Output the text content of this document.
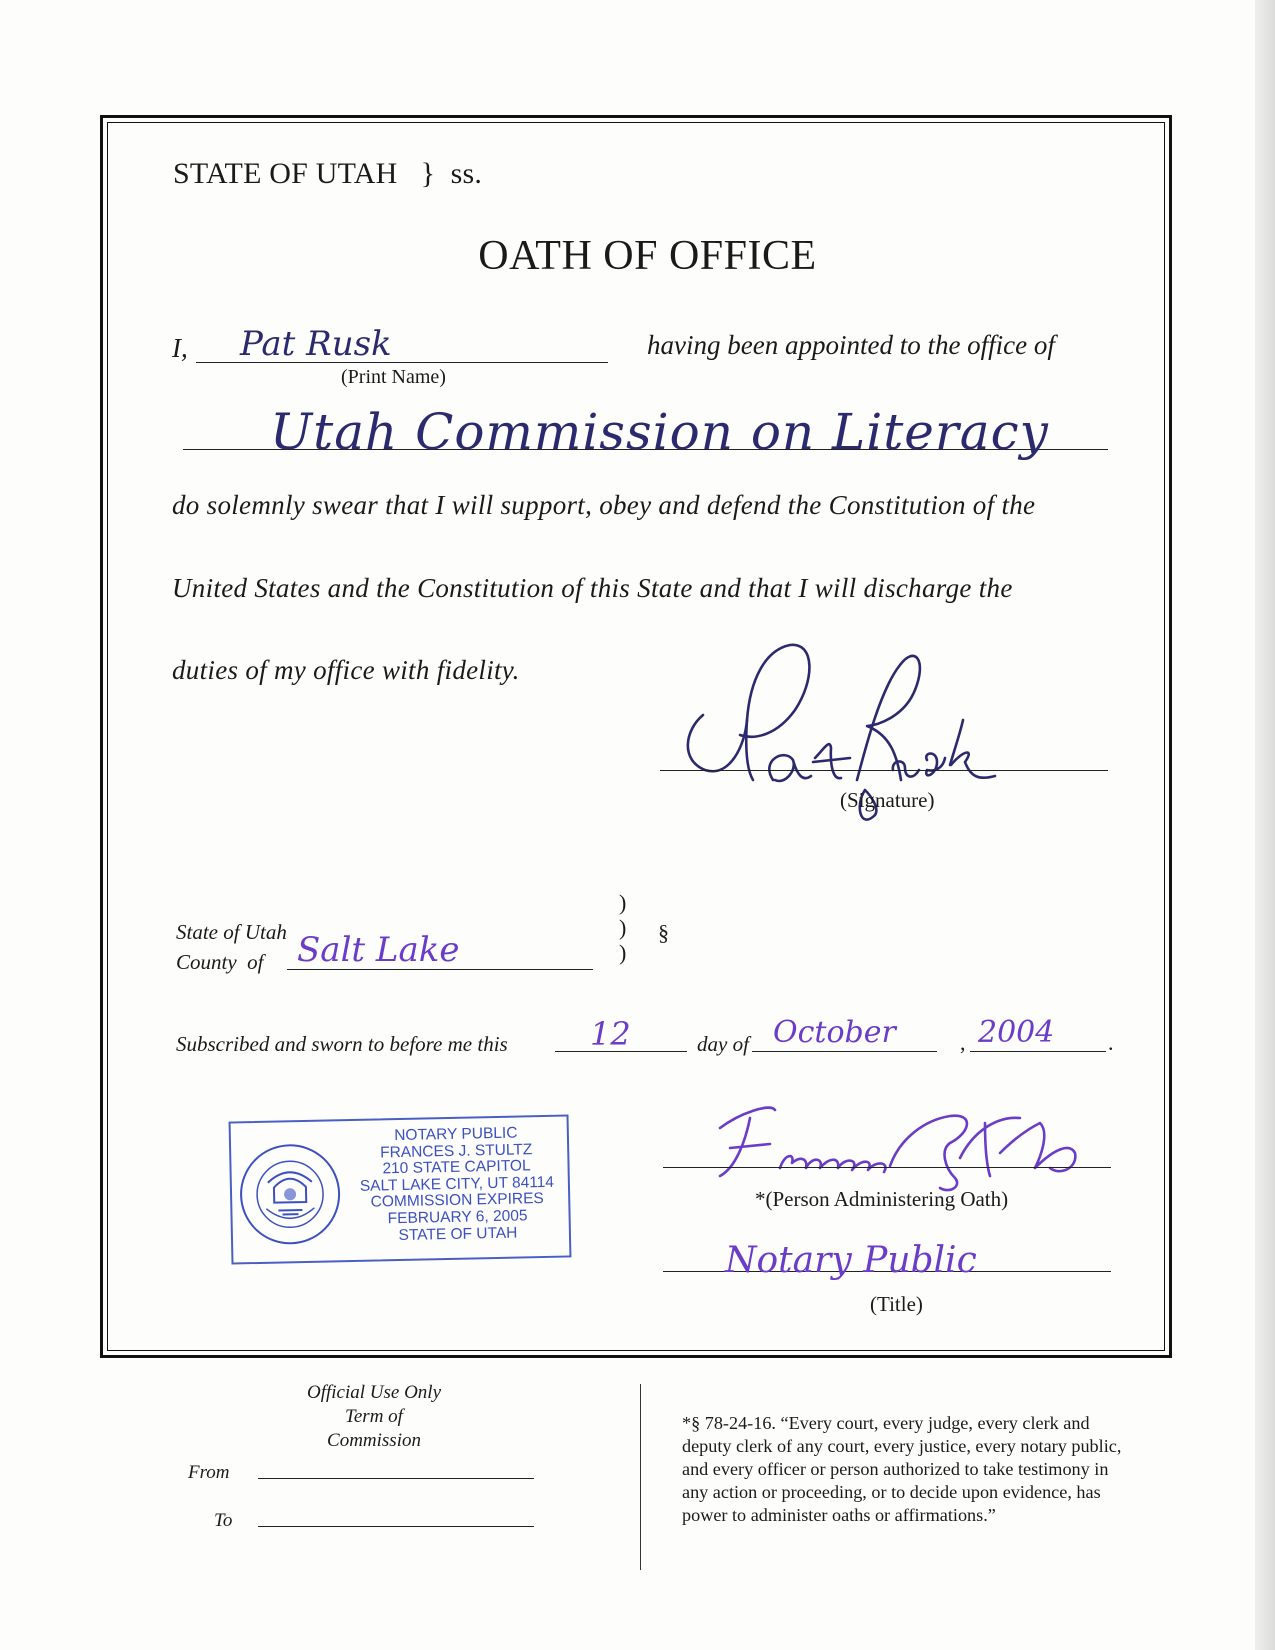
STATE OF UTAH } ss.
OATH OF OFFICE
I, Pat Rusk
(Print Name)
having been appointed to the office of
Utah Commission on Literacy
do solemnly swear that I will support, obey and defend the Constitution of the
United States and the Constitution of this State and that I will discharge the
duties of my office with fidelity.
(Signature)
)
)
)
§
State of Utah
County of Salt Lake
Subscribed and sworn to before me this	12	day of October	, 2004 .
NOTARY PUBLIC
FRANCES J. STULTZ
210 STATE CAPITOL
SALT LAKE CITY, UT 84114
COMMISSION EXPIRES
FEBRUARY 6, 2005
STATE OF UTAH
*(Person Administering Oath)
Notary Public
(Title)
Official Use Only
Term of Commission
From
To
*§ 78-24-16. “Every court, every judge, every clerk and
deputy clerk of any court, every justice, every notary public,
and every officer or person authorized to take testimony in
any action or proceeding, or to decide upon evidence, has
power to administer oaths or affirmations.”
